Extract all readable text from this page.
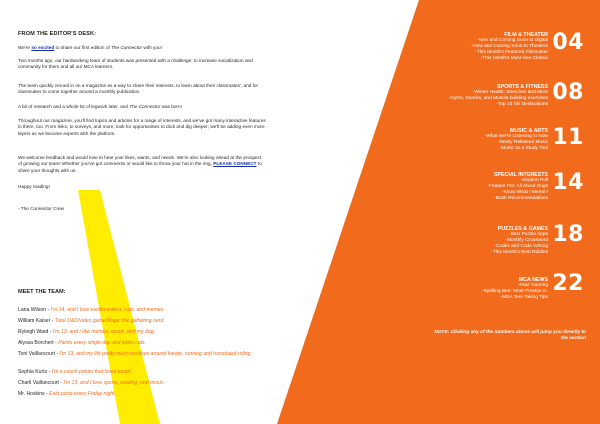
FROM THE EDITOR'S DESK:

We're so excited to share our first edition of The Connector with you!

Two months ago, our hardworking team of students was presented with a challenge: to increase socialization and community for them and all our MCA learners.

The team quickly zeroed in on a magazine as a way to share their interests, to learn about their classmates', and for classmates to come together around a monthly publication.

A bit of research and a whole lot of legwork later, and The Connector was born!

Throughout our magazine, you'll find topics and articles for a range of interests, and we've got many interactive features in there, too. From links, to surveys, and more, look for opportunities to click and dig deeper; we'll be adding even more layers as we become experts with the platform.

We welcome feedback and would love to hear your likes, wants, and needs. We're also looking ahead at the prospect of growing our team! Whether you've got comments or would like to throw your hat in the ring, PLEASE CONNECT to share your thoughts with us.

Happy reading!

- The Connector Crew

MEET THE TEAM:
Lana Wilson - I'm 14, and I love vanilla wafers, cats, and memes.
William Kaiser - Total D&D/video game/Magic the gathering nerd.
Ryleigh Ward - I'm 13, and I like memes, music, and my dog.
Alyssa Borchert - Paints every single day and loves cats.
Toni Vaillancourt - I'm 13, and my life pretty much revolves around karate, running and horseback riding.
Sophia Kurtz - I'm a couch potato that loves music.
Charli Vaillancourt - I'm 13, and I love sports, reading, and music.
Mr. Hoskins - Eats pizza every Friday night.
FILM & THEATER
-New and Coming Soon to Digital
-New and Coming Soon to Theaters
-This Month's Featured Filmmaker
-This Month's Must-See Classic
04
SPORTS & FITNESS
-Winter Health: Stretches and More
- Gyms, Snacks, and Muscle-building exercises
-Top 10 Ski Destinations 08
MUSIC & ARTS
-What We're Listening to Now
-Newly Released Music
-Music as a Study Tool 11
SPECIAL INTERESTS
-Student Poll
-Feature Pet: All About Dogs
-Know What I Meme?
-Book Recommendations
14
PUZZLES & GAMES
-Best Puzzle Apps
-Monthly Crossword
-Codes and Code Writing
-This Month's Best Riddles
18
MCA NEWS
-Fear Tutoring
-Spelling Bee: Meet Preston G.
-MEA Test-Taking Tips
22
NOTE: Clicking any of the numbers above will jump you directly to the section
